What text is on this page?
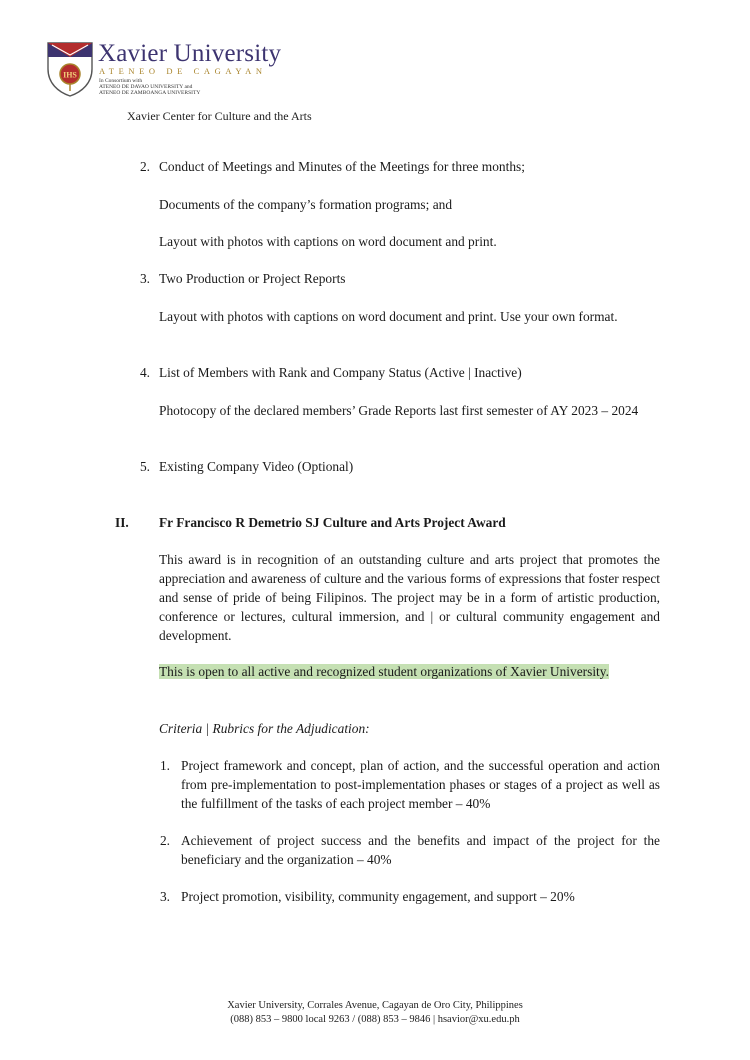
IHS
Xavier University
ATENEO DE CAGAYAN
In Consortium with
ATENEO DE DAVAO UNIVERSITY and
ATENEO DE ZAMBOANGA UNIVERSITY
Xavier Center for Culture and the Arts
2. Conduct of Meetings and Minutes of the Meetings for three months;
Documents of the company’s formation programs; and
Layout with photos with captions on word document and print.
3. Two Production or Project Reports
Layout with photos with captions on word document and print. Use your own format.
4. List of Members with Rank and Company Status (Active | Inactive)
Photocopy of the declared members’ Grade Reports last first semester of AY 2023 – 2024
5. Existing Company Video (Optional)
II.	Fr Francisco R Demetrio SJ Culture and Arts Project Award
This award is in recognition of an outstanding culture and arts project that promotes the appreciation and awareness of culture and the various forms of expressions that foster respect and sense of pride of being Filipinos. The project may be in a form of artistic production, conference or lectures, cultural immersion, and | or cultural community engagement and development.
This is open to all active and recognized student organizations of Xavier University.
Criteria | Rubrics for the Adjudication:
1. Project framework and concept, plan of action, and the successful operation and action from pre-implementation to post-implementation phases or stages of a project as well as the fulfillment of the tasks of each project member – 40%
2. Achievement of project success and the benefits and impact of the project for the beneficiary and the organization – 40%
3. Project promotion, visibility, community engagement, and support – 20%
Xavier University, Corrales Avenue, Cagayan de Oro City, Philippines
(088) 853 – 9800 local 9263 / (088) 853 – 9846 | hsavior@xu.edu.ph
